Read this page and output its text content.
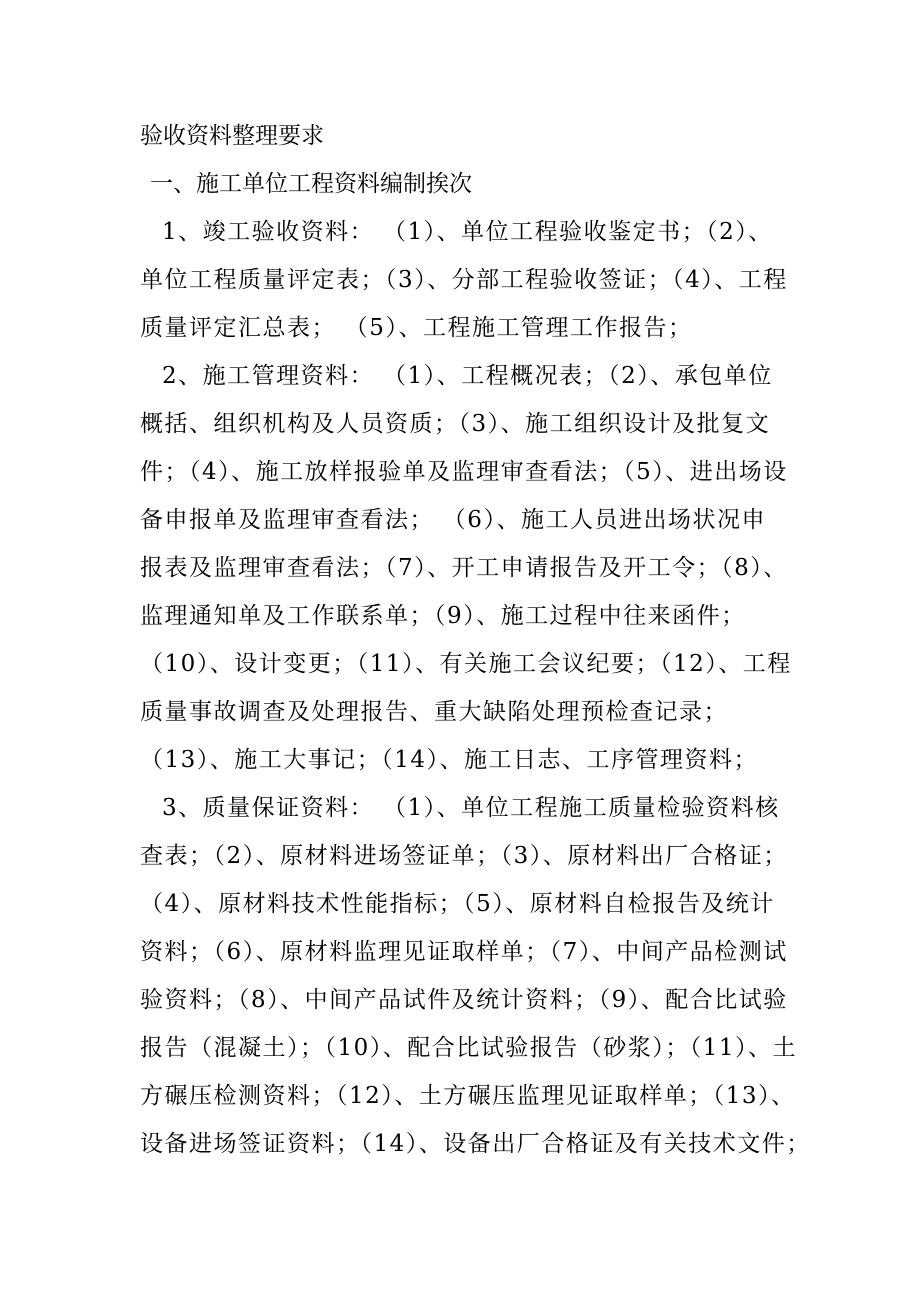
验收资料整理要求
一、施工单位工程资料编制挨次
1、竣工验收资料： （1）、单位工程验收鉴定书；（2）、
单位工程质量评定表；（3）、分部工程验收签证；（4）、工程
质量评定汇总表； （5）、工程施工管理工作报告；
2、施工管理资料： （1）、工程概况表；（2）、承包单位
概括、组织机构及人员资质；（3）、施工组织设计及批复文
件；（4）、施工放样报验单及监理审查看法；（5）、进出场设
备申报单及监理审查看法； （6）、施工人员进出场状况申
报表及监理审查看法；（7）、开工申请报告及开工令；（8）、
监理通知单及工作联系单；（9）、施工过程中往来函件；
（10）、设计变更；（11）、有关施工会议纪要；（12）、工程
质量事故调查及处理报告、重大缺陷处理预检查记录；
（13）、施工大事记；（14）、施工日志、工序管理资料；
3、质量保证资料： （1）、单位工程施工质量检验资料核
查表；（2）、原材料进场签证单；（3）、原材料出厂合格证；
（4）、原材料技术性能指标；（5）、原材料自检报告及统计
资料；（6）、原材料监理见证取样单；（7）、中间产品检测试
验资料；（8）、中间产品试件及统计资料；（9）、配合比试验
报告（混凝土）；（10）、配合比试验报告（砂浆）；（11）、土
方碾压检测资料；（12）、土方碾压监理见证取样单；（13）、
设备进场签证资料；（14）、设备出厂合格证及有关技术文件；
